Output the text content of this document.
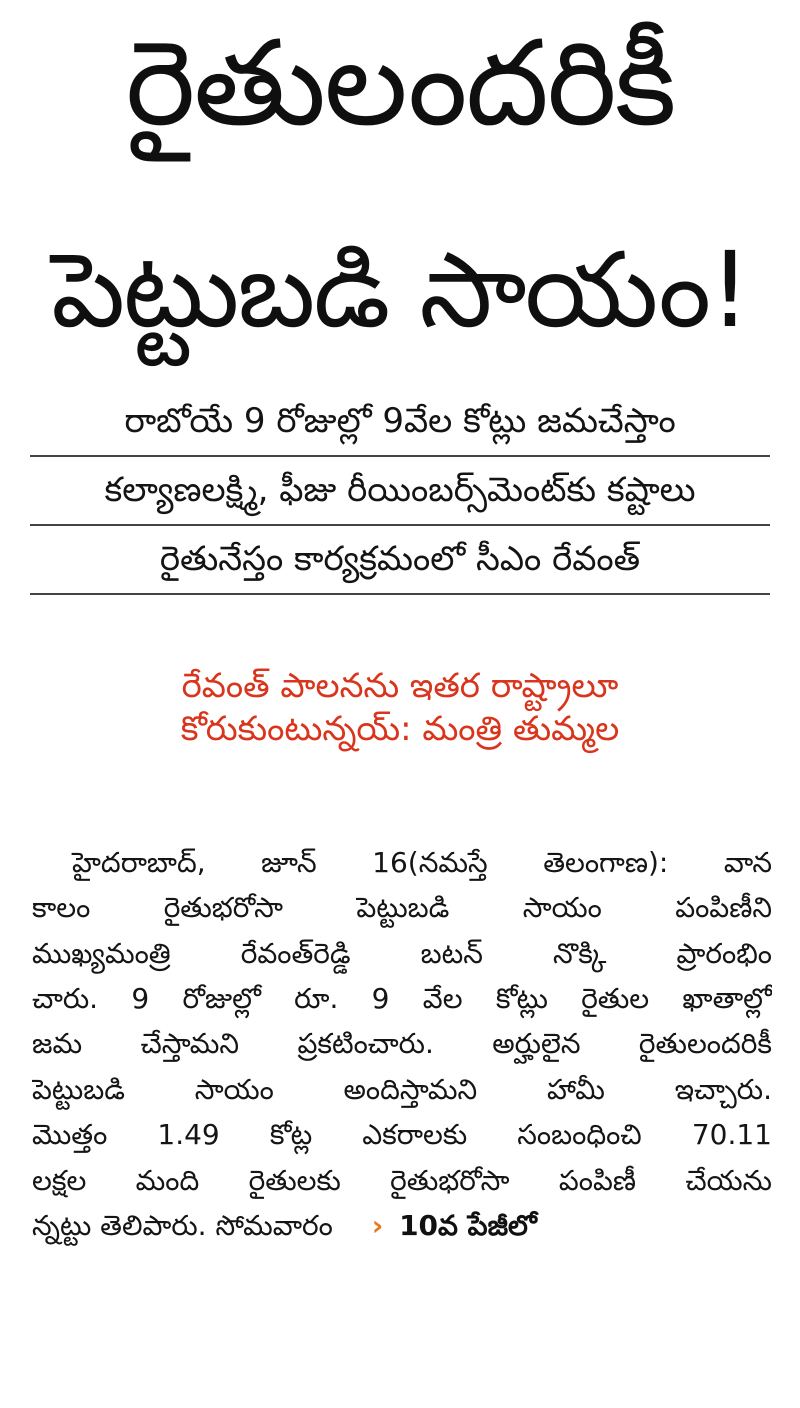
రైతులందరికీ
పెట్టుబడి సాయం!
రాబోయే 9 రోజుల్లో 9వేల కోట్లు జమచేస్తాం
కల్యాణలక్ష్మి, ఫీజు రీయింబర్స్‌మెంట్‌కు కష్టాలు
రైతునేస్తం కార్యక్రమంలో సీఎం రేవంత్
రేవంత్ పాలనను ఇతర రాష్ట్రాలూ
కోరుకుంటున్నయ్: మంత్రి తుమ్మల
హైదరాబాద్, జూన్ 16(నమస్తే తెలంగాణ): వాన
కాలం రైతుభరోసా పెట్టుబడి సాయం పంపిణీని
ముఖ్యమంత్రి రేవంత్‌రెడ్డి బటన్ నొక్కి ప్రారంభిం
చారు. 9 రోజుల్లో రూ. 9 వేల కోట్లు రైతుల ఖాతాల్లో
జమ చేస్తామని ప్రకటించారు. అర్హులైన రైతులందరికీ
పెట్టుబడి సాయం అందిస్తామని హామీ ఇచ్చారు.
మొత్తం 1.49 కోట్ల ఎకరాలకు సంబంధించి 70.11
లక్షల మంది రైతులకు రైతుభరోసా పంపిణీ చేయను
న్నట్టు తెలిపారు. సోమవారం › 10వ పేజీలో
